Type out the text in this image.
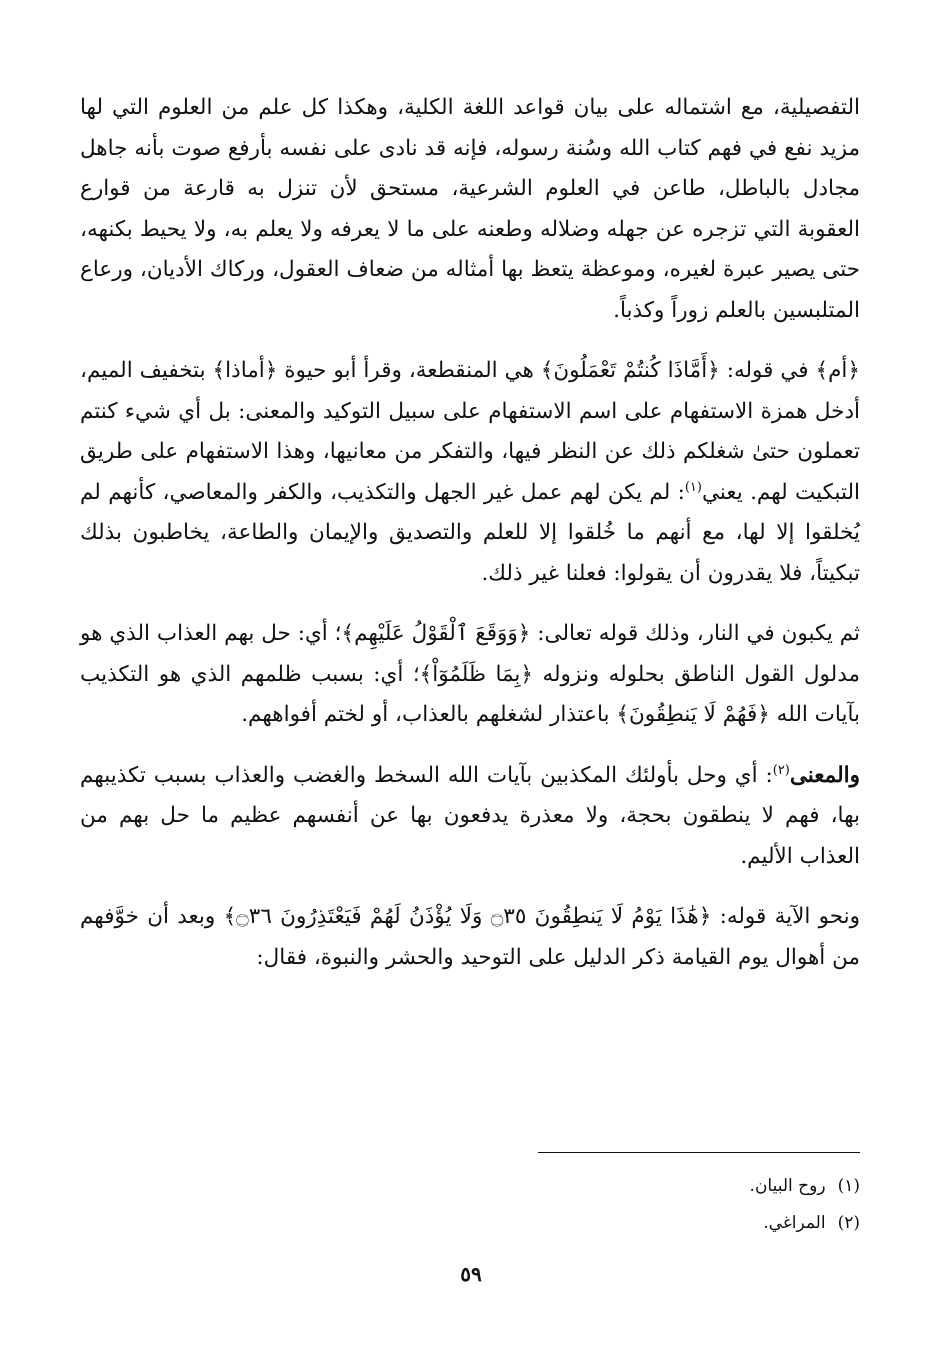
التفصيلية، مع اشتماله على بيان قواعد اللغة الكلية، وهكذا كل علم من العلوم التي لها مزيد نفع في فهم كتاب الله وسُنة رسوله، فإنه قد نادى على نفسه بأرفع صوت بأنه جاهل مجادل بالباطل، طاعن في العلوم الشرعية، مستحق لأن تنزل به قارعة من قوارع العقوبة التي تزجره عن جهله وضلاله وطعنه على ما لا يعرفه ولا يعلم به، ولا يحيط بكنهه، حتى يصير عبرة لغيره، وموعظة يتعظ بها أمثاله من ضعاف العقول، وركاك الأديان، ورعاع المتلبسين بالعلم زوراً وكذباً.

﴿أم﴾ في قوله: ﴿أَمَّاذَا كُنتُمْ تَعْمَلُونَ﴾ هي المنقطعة، وقرأ أبو حيوة ﴿أماذا﴾ بتخفيف الميم، أدخل همزة الاستفهام على اسم الاستفهام على سبيل التوكيد والمعنى: بل أي شيء كنتم تعملون حتىٰ شغلكم ذلك عن النظر فيها، والتفكر من معانيها، وهذا الاستفهام على طريق التبكيت لهم. يعني$^{(١)}$: لم يكن لهم عمل غير الجهل والتكذيب، والكفر والمعاصي، كأنهم لم يُخلقوا إلا لها، مع أنهم ما خُلقوا إلا للعلم والتصديق والإيمان والطاعة، يخاطبون بذلك تبكيتاً، فلا يقدرون أن يقولوا: فعلنا غير ذلك.

ثم يكبون في النار، وذلك قوله تعالى: ﴿وَوَقَعَ ٱلْقَوْلُ عَلَيْهِم﴾؛ أي: حل بهم العذاب الذي هو مدلول القول الناطق بحلوله ونزوله ﴿بِمَا ظَلَمُوٓاْ﴾؛ أي: بسبب ظلمهم الذي هو التكذيب بآيات الله ﴿فَهُمْ لَا يَنطِقُونَ﴾ باعتذار لشغلهم بالعذاب، أو لختم أفواههم.

والمعنى$^{(٢)}$: أي وحل بأولئك المكذبين بآيات الله السخط والغضب والعذاب بسبب تكذيبهم بها، فهم لا ينطقون بحجة، ولا معذرة يدفعون بها عن أنفسهم عظيم ما حل بهم من العذاب الأليم.

ونحو الآية قوله: ﴿هَٰذَا يَوْمُ لَا يَنطِقُونَ ۝٣٥ وَلَا يُؤْذَنُ لَهُمْ فَيَعْتَذِرُونَ ۝٣٦﴾ وبعد أن خوَّفهم من أهوال يوم القيامة ذكر الدليل على التوحيد والحشر والنبوة، فقال:

(١)روح البيان.

(٢)المراغي.

٥٩
